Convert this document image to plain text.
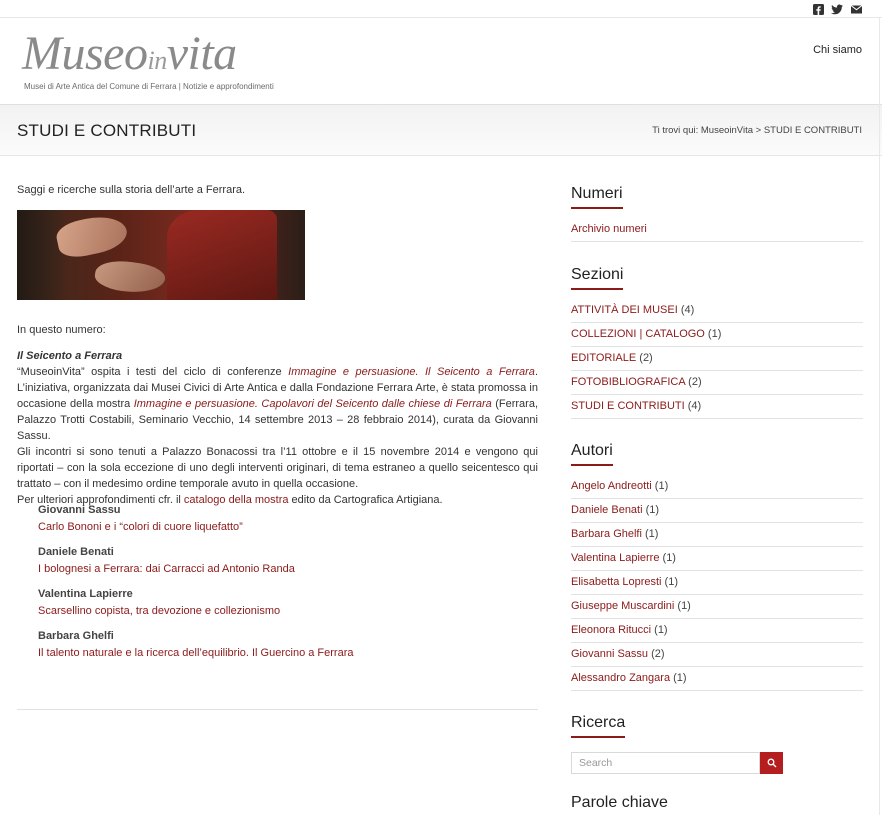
Museoinvita
Musei di Arte Antica del Comune di Ferrara | Notizie e approfondimenti
Chi siamo
STUDI E CONTRIBUTI	Ti trovi qui: MuseoinVita > STUDI E CONTRIBUTI
Saggi e ricerche sulla storia dell’arte a Ferrara.
In questo numero:
Il Seicento a Ferrara
“MuseoinVita” ospita i testi del ciclo di conferenze Immagine e persuasione. Il Seicento a Ferrara. L’iniziativa, organizzata dai Musei Civici di Arte Antica e dalla Fondazione Ferrara Arte, è stata promossa in occasione della mostra Immagine e persuasione. Capolavori del Seicento dalle chiese di Ferrara (Ferrara, Palazzo Trotti Costabili, Seminario Vecchio, 14 settembre 2013 – 28 febbraio 2014), curata da Giovanni Sassu.
Gli incontri si sono tenuti a Palazzo Bonacossi tra l’11 ottobre e il 15 novembre 2014 e vengono qui riportati – con la sola eccezione di uno degli interventi originari, di tema estraneo a quello seicentesco qui trattato – con il medesimo ordine temporale avuto in quella occasione.
Per ulteriori approfondimenti cfr. il catalogo della mostra edito da Cartografica Artigiana.
Giovanni Sassu
Carlo Bononi e i “colori di cuore liquefatto”
Daniele Benati
I bolognesi a Ferrara: dai Carracci ad Antonio Randa
Valentina Lapierre
Scarsellino copista, tra devozione e collezionismo
Barbara Ghelfi
Il talento naturale e la ricerca dell’equilibrio. Il Guercino a Ferrara
Numeri
Archivio numeri
Sezioni
ATTIVITÀ DEI MUSEI (4)
COLLEZIONI | CATALOGO (1)
EDITORIALE (2)
FOTOBIBLIOGRAFICA (2)
STUDI E CONTRIBUTI (4)
Autori
Angelo Andreotti (1)
Daniele Benati (1)
Barbara Ghelfi (1)
Valentina Lapierre (1)
Elisabetta Lopresti (1)
Giuseppe Muscardini (1)
Eleonora Ritucci (1)
Giovanni Sassu (2)
Alessandro Zangara (1)
Ricerca
Search
Parole chiave
